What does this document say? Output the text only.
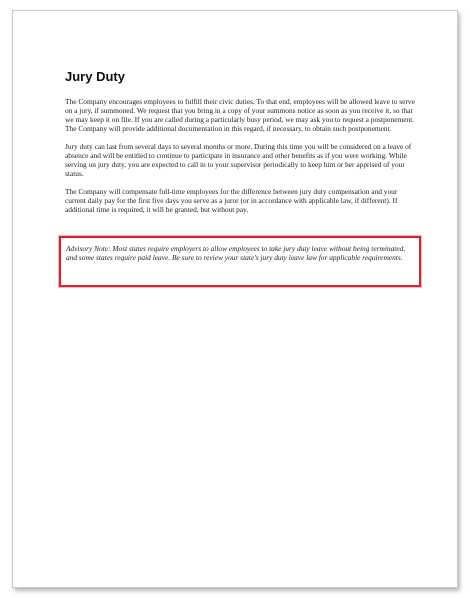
Jury Duty

The Company encourages employees to fulfill their civic duties. To that end, employees will be allowed leave to serve on a jury, if summoned. We request that you bring in a copy of your summons notice as soon as you receive it, so that we may keep it on file. If you are called during a particularly busy period, we may ask you to request a postponement. The Company will provide additional documentation in this regard, if necessary, to obtain such postponement.

Jury duty can last from several days to several months or more. During this time you will be considered on a leave of absence and will be entitled to continue to participate in insurance and other benefits as if you were working. While serving on jury duty, you are expected to call in to your supervisor periodically to keep him or her apprised of your status.

The Company will compensate full-time employees for the difference between jury duty compensation and your current daily pay for the first five days you serve as a juror (or in accordance with applicable law, if different). If additional time is required, it will be granted, but without pay.

Advisory Note: Most states require employers to allow employees to take jury duty leave without being terminated, and some states require paid leave. Be sure to review your state's jury duty leave law for applicable requirements.
